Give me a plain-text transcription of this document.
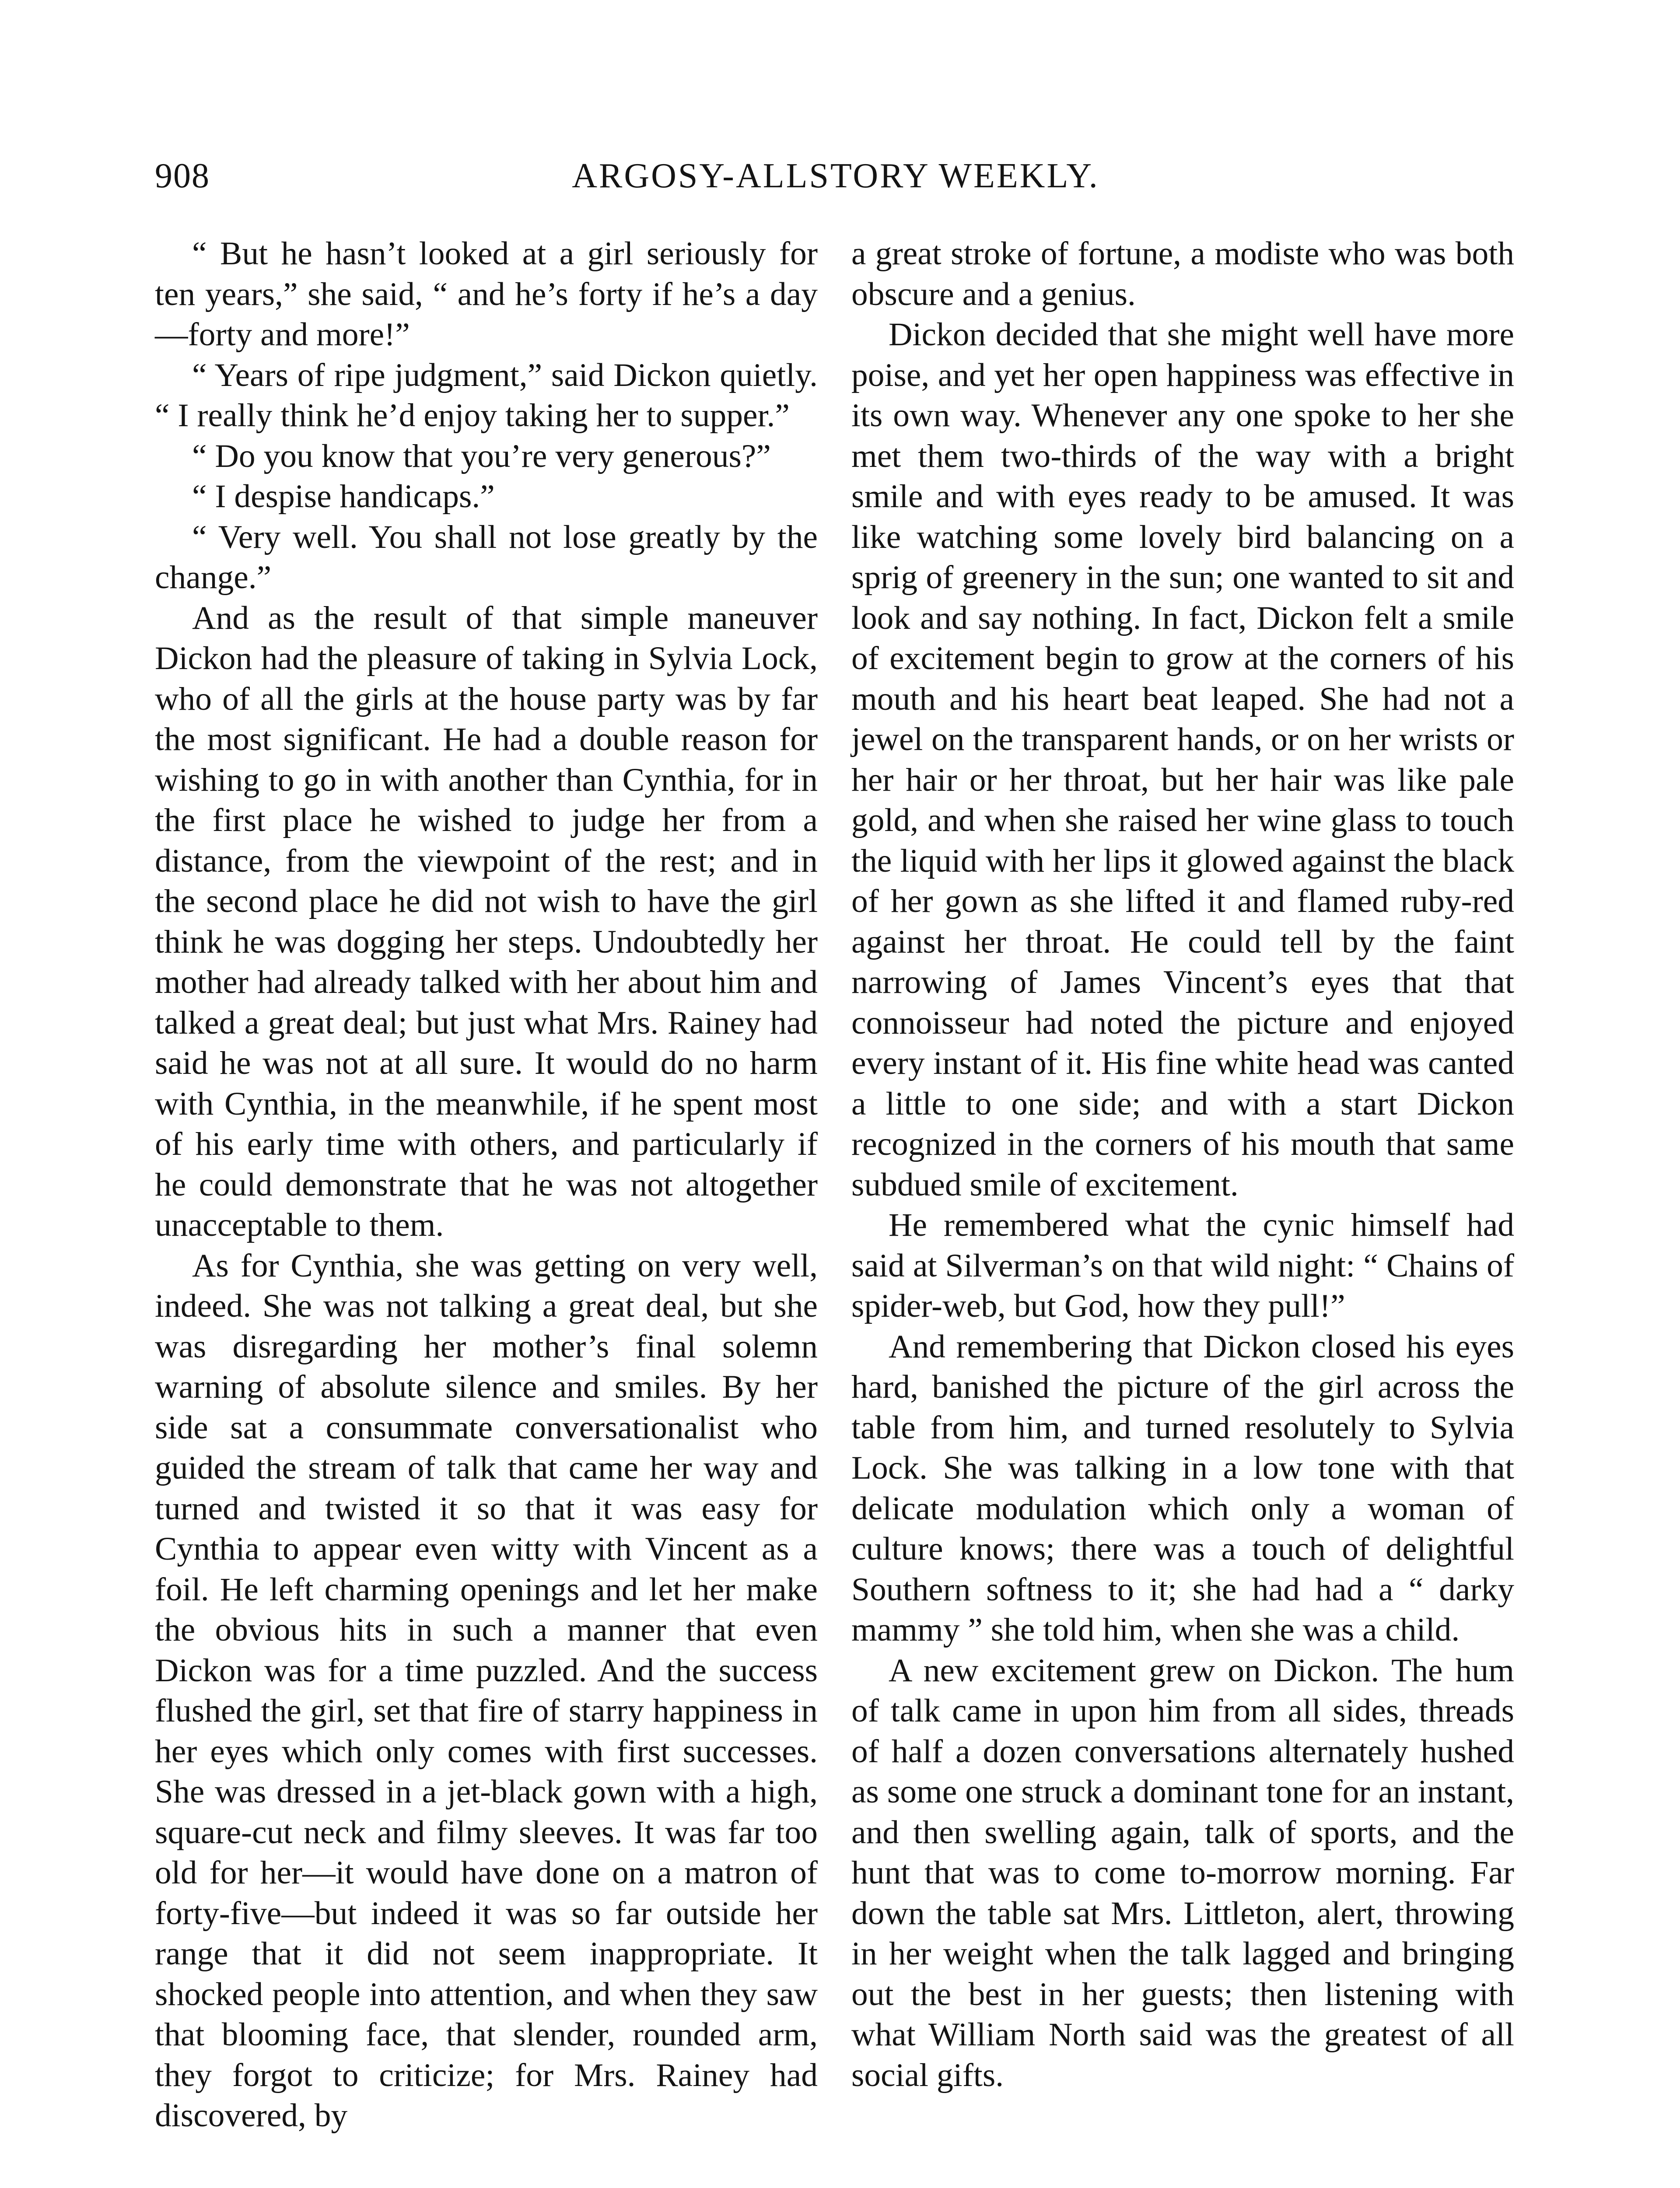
908	ARGOSY-ALLSTORY WEEKLY.

“ But he hasn’t looked at a girl seriously for ten years,” she said, “ and he’s forty if he’s a day—forty and more!”

“ Years of ripe judgment,” said Dickon quietly. “ I really think he’d enjoy taking her to supper.”

“ Do you know that you’re very generous?”

“ I despise handicaps.”

“ Very well. You shall not lose greatly by the change.”

And as the result of that simple maneuver Dickon had the pleasure of taking in Sylvia Lock, who of all the girls at the house party was by far the most significant. He had a double reason for wishing to go in with another than Cynthia, for in the first place he wished to judge her from a distance, from the viewpoint of the rest; and in the second place he did not wish to have the girl think he was dogging her steps. Undoubtedly her mother had already talked with her about him and talked a great deal; but just what Mrs. Rainey had said he was not at all sure. It would do no harm with Cynthia, in the meanwhile, if he spent most of his early time with others, and particularly if he could demonstrate that he was not altogether unacceptable to them.

As for Cynthia, she was getting on very well, indeed. She was not talking a great deal, but she was disregarding her mother’s final solemn warning of absolute silence and smiles. By her side sat a consummate conversationalist who guided the stream of talk that came her way and turned and twisted it so that it was easy for Cynthia to appear even witty with Vincent as a foil. He left charming openings and let her make the obvious hits in such a manner that even Dickon was for a time puzzled. And the success flushed the girl, set that fire of starry happiness in her eyes which only comes with first successes. She was dressed in a jet-black gown with a high, square-cut neck and filmy sleeves. It was far too old for her—it would have done on a matron of forty-five—but indeed it was so far outside her range that it did not seem inappropriate. It shocked people into attention, and when they saw that blooming face, that slender, rounded arm, they forgot to criticize; for Mrs. Rainey had discovered, by

a great stroke of fortune, a modiste who was both obscure and a genius.

Dickon decided that she might well have more poise, and yet her open happiness was effective in its own way. Whenever any one spoke to her she met them two-thirds of the way with a bright smile and with eyes ready to be amused. It was like watching some lovely bird balancing on a sprig of greenery in the sun; one wanted to sit and look and say nothing. In fact, Dickon felt a smile of excitement begin to grow at the corners of his mouth and his heart beat leaped. She had not a jewel on the transparent hands, or on her wrists or her hair or her throat, but her hair was like pale gold, and when she raised her wine glass to touch the liquid with her lips it glowed against the black of her gown as she lifted it and flamed ruby-red against her throat. He could tell by the faint narrowing of James Vincent’s eyes that that connoisseur had noted the picture and enjoyed every instant of it. His fine white head was canted a little to one side; and with a start Dickon recognized in the corners of his mouth that same subdued smile of excitement.

He remembered what the cynic himself had said at Silverman’s on that wild night: “ Chains of spider-web, but God, how they pull!”

And remembering that Dickon closed his eyes hard, banished the picture of the girl across the table from him, and turned resolutely to Sylvia Lock. She was talking in a low tone with that delicate modulation which only a woman of culture knows; there was a touch of delightful Southern softness to it; she had had a “ darky mammy ” she told him, when she was a child.

A new excitement grew on Dickon. The hum of talk came in upon him from all sides, threads of half a dozen conversations alternately hushed as some one struck a dominant tone for an instant, and then swelling again, talk of sports, and the hunt that was to come to-morrow morning. Far down the table sat Mrs. Littleton, alert, throwing in her weight when the talk lagged and bringing out the best in her guests; then listening with what William North said was the greatest of all social gifts.
